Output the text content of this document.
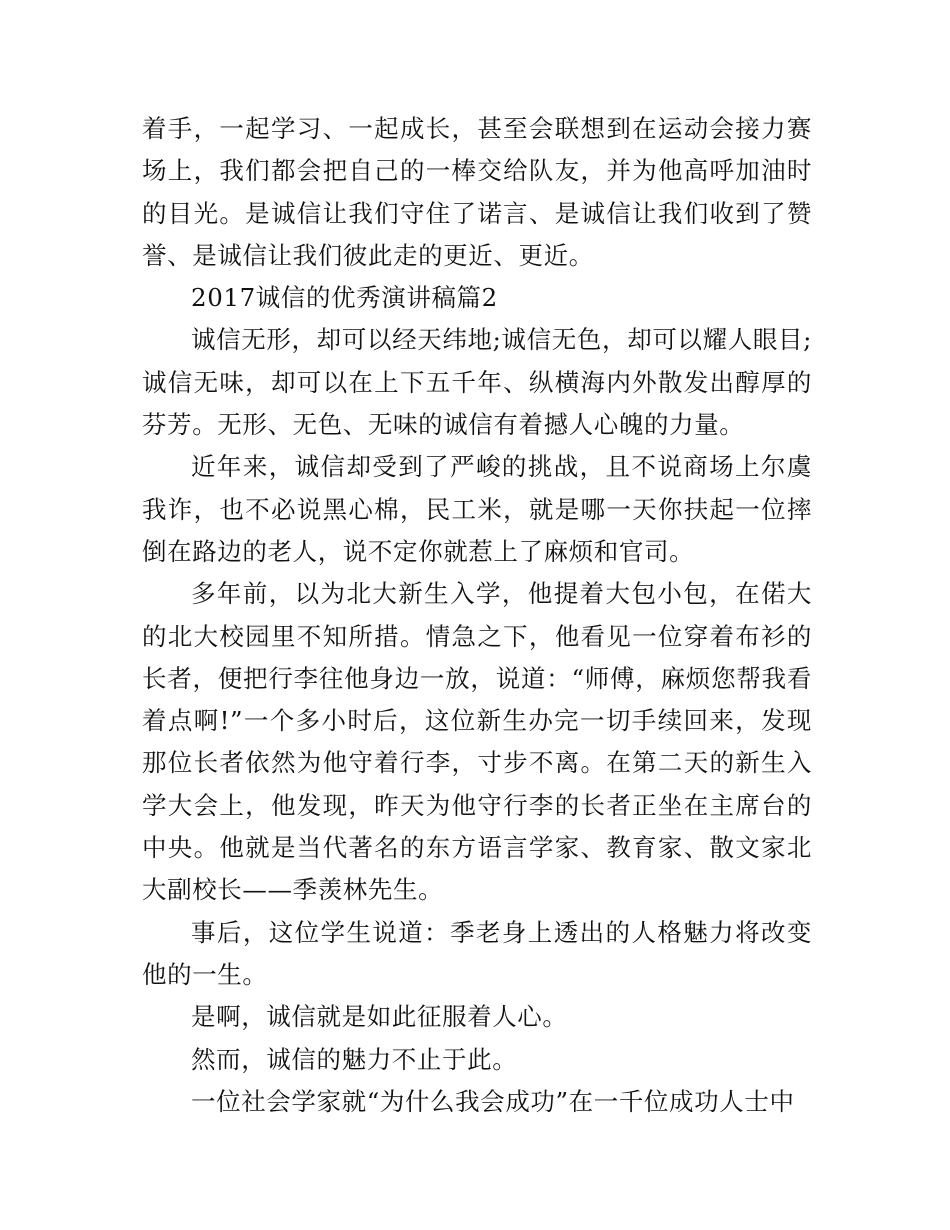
着手，一起学习、一起成长，甚至会联想到在运动会接力赛场上，我们都会把自己的一棒交给队友，并为他高呼加油时的目光。是诚信让我们守住了诺言、是诚信让我们收到了赞誉、是诚信让我们彼此走的更近、更近。

2017诚信的优秀演讲稿篇2

诚信无形，却可以经天纬地;诚信无色，却可以耀人眼目;诚信无味，却可以在上下五千年、纵横海内外散发出醇厚的芬芳。无形、无色、无味的诚信有着撼人心魄的力量。

近年来，诚信却受到了严峻的挑战，且不说商场上尔虞我诈，也不必说黑心棉，民工米，就是哪一天你扶起一位摔倒在路边的老人，说不定你就惹上了麻烦和官司。

多年前，以为北大新生入学，他提着大包小包，在偌大的北大校园里不知所措。情急之下，他看见一位穿着布衫的长者，便把行李往他身边一放，说道：“师傅，麻烦您帮我看着点啊!”一个多小时后，这位新生办完一切手续回来，发现那位长者依然为他守着行李，寸步不离。在第二天的新生入学大会上，他发现，昨天为他守行李的长者正坐在主席台的中央。他就是当代著名的东方语言学家、教育家、散文家北大副校长——季羡林先生。

事后，这位学生说道：季老身上透出的人格魅力将改变他的一生。

是啊，诚信就是如此征服着人心。

然而，诚信的魅力不止于此。

一位社会学家就“为什么我会成功”在一千位成功人士中
